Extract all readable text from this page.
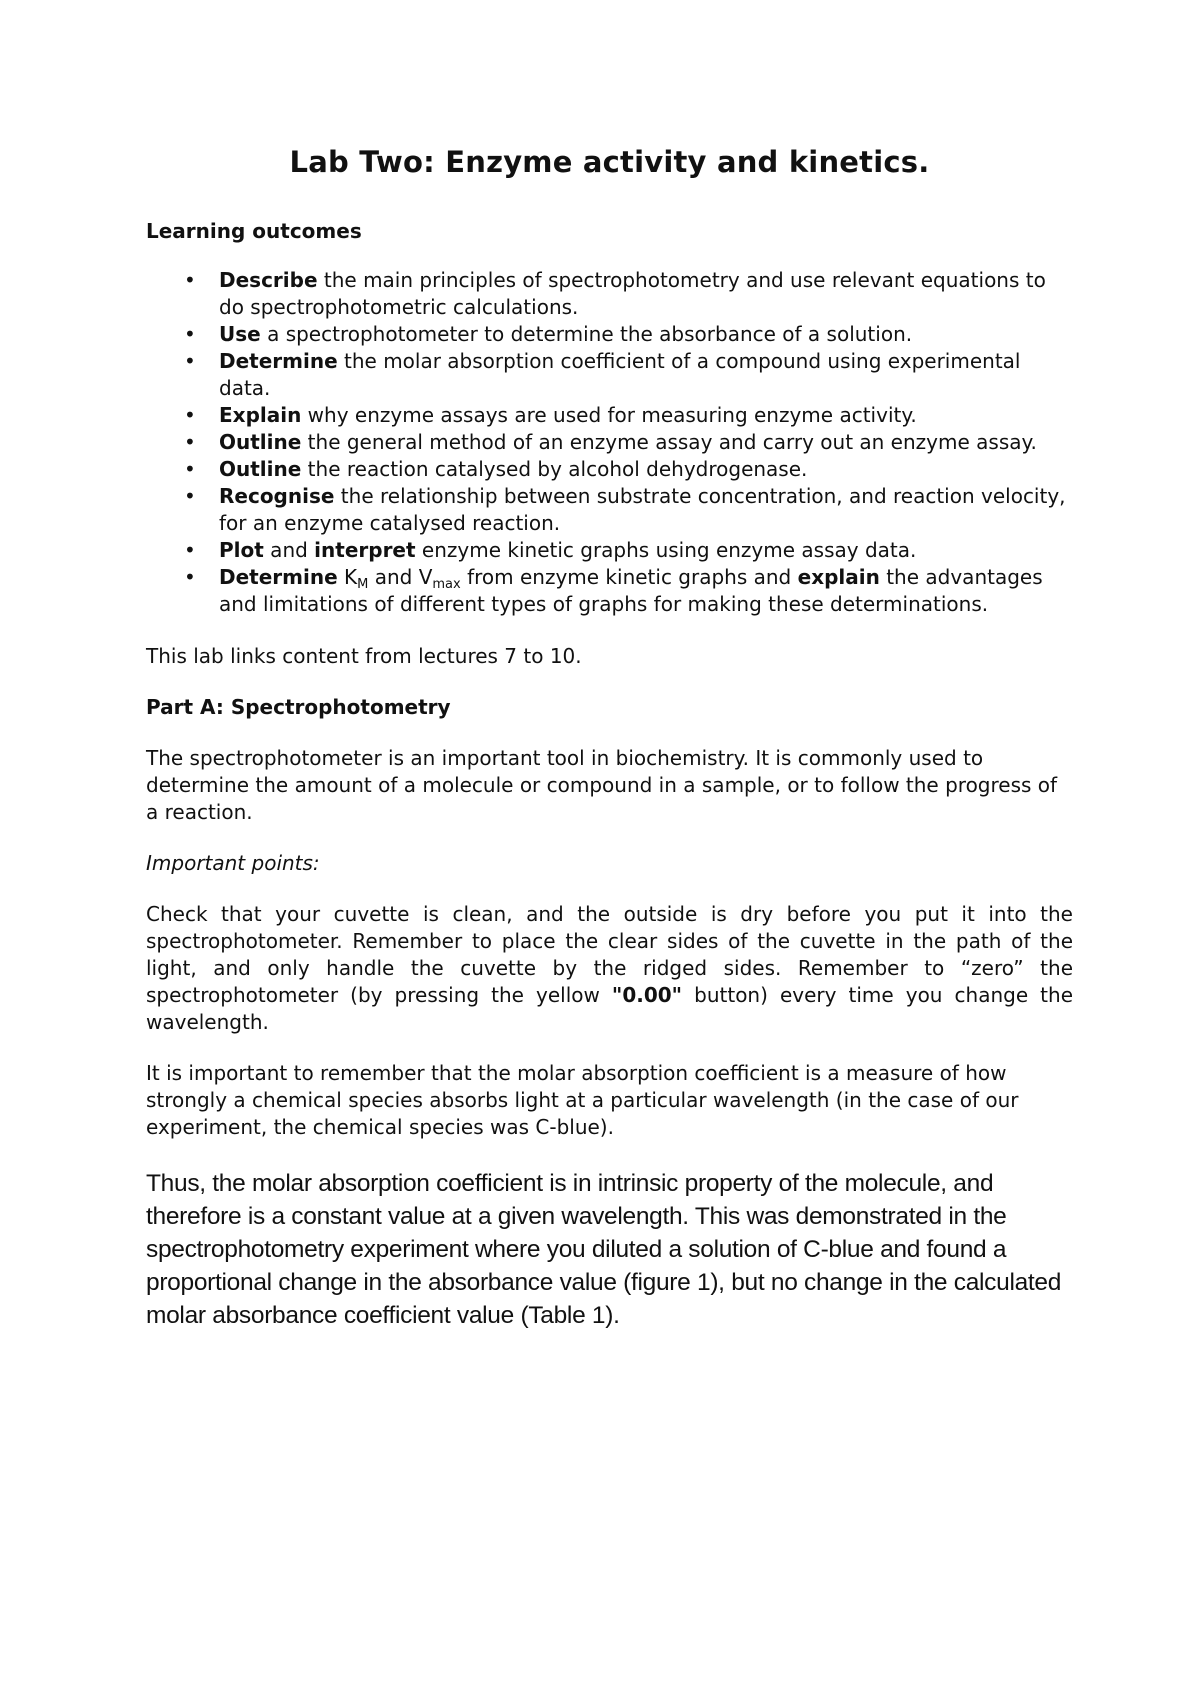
Lab Two: Enzyme activity and kinetics.

Learning outcomes

• Describe the main principles of spectrophotometry and use relevant equations to do spectrophotometric calculations.
• Use a spectrophotometer to determine the absorbance of a solution.
• Determine the molar absorption coefficient of a compound using experimental data.
• Explain why enzyme assays are used for measuring enzyme activity.
• Outline the general method of an enzyme assay and carry out an enzyme assay.
• Outline the reaction catalysed by alcohol dehydrogenase.
• Recognise the relationship between substrate concentration, and reaction velocity, for an enzyme catalysed reaction.
• Plot and interpret enzyme kinetic graphs using enzyme assay data.
• Determine $K_M$ and $V_{max}$ from enzyme kinetic graphs and explain the advantages and limitations of different types of graphs for making these determinations.

This lab links content from lectures 7 to 10.

Part A: Spectrophotometry

The spectrophotometer is an important tool in biochemistry. It is commonly used to determine the amount of a molecule or compound in a sample, or to follow the progress of a reaction.

Important points:

Check that your cuvette is clean, and the outside is dry before you put it into the spectrophotometer. Remember to place the clear sides of the cuvette in the path of the light, and only handle the cuvette by the ridged sides. Remember to “zero” the spectrophotometer (by pressing the yellow "0.00" button) every time you change the wavelength.

It is important to remember that the molar absorption coefficient is a measure of how strongly a chemical species absorbs light at a particular wavelength (in the case of our experiment, the chemical species was C-blue).

Thus, the molar absorption coefficient is in intrinsic property of the molecule, and therefore is a constant value at a given wavelength. This was demonstrated in the spectrophotometry experiment where you diluted a solution of C-blue and found a proportional change in the absorbance value (figure 1), but no change in the calculated molar absorbance coefficient value (Table 1).
